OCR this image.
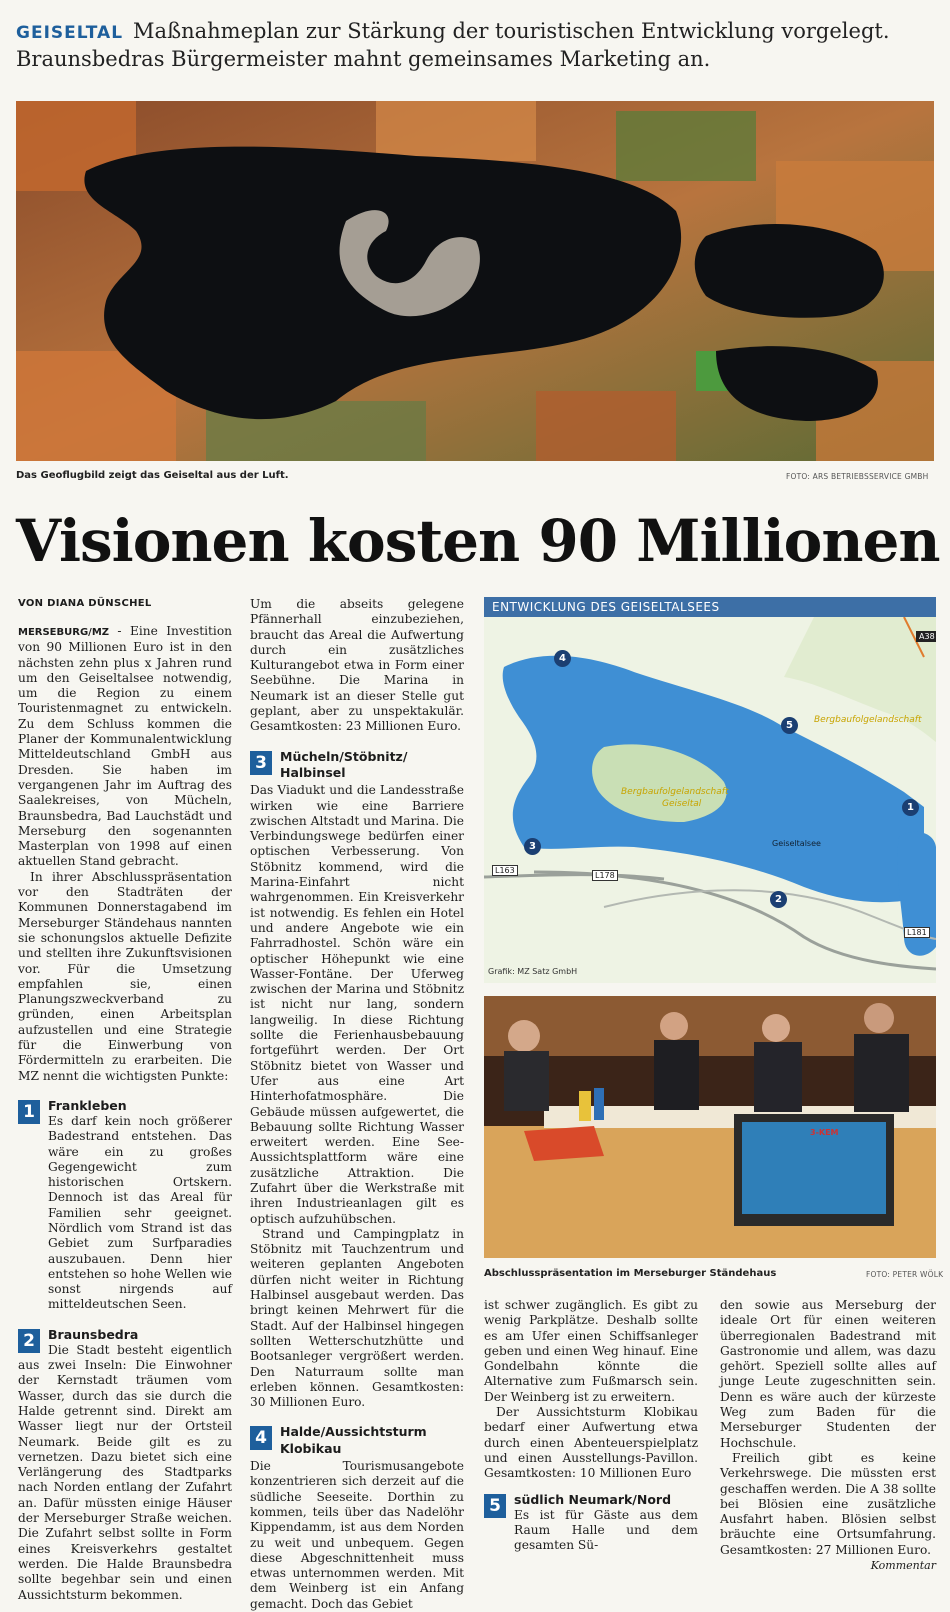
GEISELTAL Maßnahmeplan zur Stärkung der touristischen Entwicklung vorgelegt. Braunsbedras Bürgermeister mahnt gemeinsames Marketing an.
Das Geoflugbild zeigt das Geiseltal aus der Luft.	FOTO: ARS BETRIEBSSERVICE GMBH
Visionen kosten 90 Millionen
VON DIANA DÜNSCHEL

MERSEBURG/MZ - Eine Investition von 90 Millionen Euro ist in den nächsten zehn plus x Jahren rund um den Geiseltalsee notwendig, um die Region zu einem Touristenmagnet zu entwickeln. Zu dem Schluss kommen die Planer der Kommunalentwicklung Mitteldeutschland GmbH aus Dresden. Sie haben im vergangenen Jahr im Auftrag des Saalekreises, von Mücheln, Braunsbedra, Bad Lauchstädt und Merseburg den sogenannten Masterplan von 1998 auf einen aktuellen Stand gebracht.

In ihrer Abschlusspräsentation vor den Stadträten der Kommunen Donnerstagabend im Merseburger Ständehaus nannten sie schonungslos aktuelle Defizite und stellten ihre Zukunftsvisionen vor. Für die Umsetzung empfahlen sie, einen Planungszweckverband zu gründen, einen Arbeitsplan aufzustellen und eine Strategie für die Einwerbung von Fördermitteln zu erarbeiten. Die MZ nennt die wichtigsten Punkte:

1	Frankleben

Es darf kein noch größerer Badestrand entstehen. Das wäre ein zu großes Gegengewicht zum historischen Ortskern. Dennoch ist das Areal für Familien sehr geeignet. Nördlich vom Strand ist das Gebiet zum Surfparadies auszubauen. Denn hier entstehen so hohe Wellen wie sonst nirgends auf mitteldeutschen Seen.

2	Braunsbedra

Die Stadt besteht eigentlich aus zwei Inseln: Die Einwohner der Kernstadt träumen vom Wasser, durch das sie durch die Halde getrennt sind. Direkt am Wasser liegt nur der Ortsteil Neumark. Beide gilt es zu vernetzen. Dazu bietet sich eine Verlängerung des Stadtparks nach Norden entlang der Zufahrt an. Dafür müssten einige Häuser der Merseburger Straße weichen. Die Zufahrt selbst sollte in Form eines Kreisverkehrs gestaltet werden. Die Halde Braunsbedra sollte begehbar sein und einen Aussichtsturm bekommen.

Um die abseits gelegene Pfännerhall einzubeziehen, braucht das Areal die Aufwertung durch ein zusätzliches Kulturangebot etwa in Form einer Seebühne. Die Marina in Neumark ist an dieser Stelle gut geplant, aber zu unspektakulär. Gesamtkosten: 23 Millionen Euro.

3	Mücheln/Stöbnitz/ Halbinsel

Das Viadukt und die Landesstraße wirken wie eine Barriere zwischen Altstadt und Marina. Die Verbindungswege bedürfen einer optischen Verbesserung. Von Stöbnitz kommend, wird die Marina-Einfahrt nicht wahrgenommen. Ein Kreisverkehr ist notwendig. Es fehlen ein Hotel und andere Angebote wie ein Fahrradhostel. Schön wäre ein optischer Höhepunkt wie eine Wasser-Fontäne. Der Uferweg zwischen der Marina und Stöbnitz ist nicht nur lang, sondern langweilig. In diese Richtung sollte die Ferienhausbebauung fortgeführt werden. Der Ort Stöbnitz bietet von Wasser und Ufer aus eine Art Hinterhofatmosphäre. Die Gebäude müssen aufgewertet, die Bebauung sollte Richtung Wasser erweitert werden. Eine See-Aussichtsplattform wäre eine zusätzliche Attraktion. Die Zufahrt über die Werkstraße mit ihren Industrieanlagen gilt es optisch aufzuhübschen.

Strand und Campingplatz in Stöbnitz mit Tauchzentrum und weiteren geplanten Angeboten dürfen nicht weiter in Richtung Halbinsel ausgebaut werden. Das bringt keinen Mehrwert für die Stadt. Auf der Halbinsel hingegen sollten Wetterschutzhütte und Bootsanleger vergrößert werden. Den Naturraum sollte man erleben können. Gesamtkosten: 30 Millionen Euro.

4	Halde/Aussichtsturm Klobikau

Die Tourismusangebote konzentrieren sich derzeit auf die südliche Seeseite. Dorthin zu kommen, teils über das Nadelöhr Kippendamm, ist aus dem Norden zu weit und unbequem. Gegen diese Abgeschnittenheit muss etwas unternommen werden. Mit dem Weinberg ist ein Anfang gemacht. Doch das Gebiet

ENTWICKLUNG DES GEISELTALSEES
A38
L163
L178
L181
Bergbaufolgelandschaft
Bergbaufolgelandschaft
Geiseltal
Geiseltalsee
4
5
1
3
2
Grafik: MZ Satz GmbH
3-KEM
Abschlusspräsentation im Merseburger Ständehaus	FOTO: PETER WÖLK

ist schwer zugänglich. Es gibt zu wenig Parkplätze. Deshalb sollte es am Ufer einen Schiffsanleger geben und einen Weg hinauf. Eine Gondelbahn könnte die Alternative zum Fußmarsch sein. Der Weinberg ist zu erweitern.

Der Aussichtsturm Klobikau bedarf einer Aufwertung etwa durch einen Abenteuerspielplatz und einen Ausstellungs-Pavillon. Gesamtkosten: 10 Millionen Euro

5	südlich Neumark/Nord

Es ist für Gäste aus dem Raum Halle und dem gesamten Sü-

den sowie aus Merseburg der ideale Ort für einen weiteren überregionalen Badestrand mit Gastronomie und allem, was dazu gehört. Speziell sollte alles auf junge Leute zugeschnitten sein. Denn es wäre auch der kürzeste Weg zum Baden für die Merseburger Studenten der Hochschule.

Freilich gibt es keine Verkehrswege. Die müssten erst geschaffen werden. Die A 38 sollte bei Blösien eine zusätzliche Ausfahrt haben. Blösien selbst bräuchte eine Ortsumfahrung. Gesamtkosten: 27 Millionen Euro.

Kommentar
